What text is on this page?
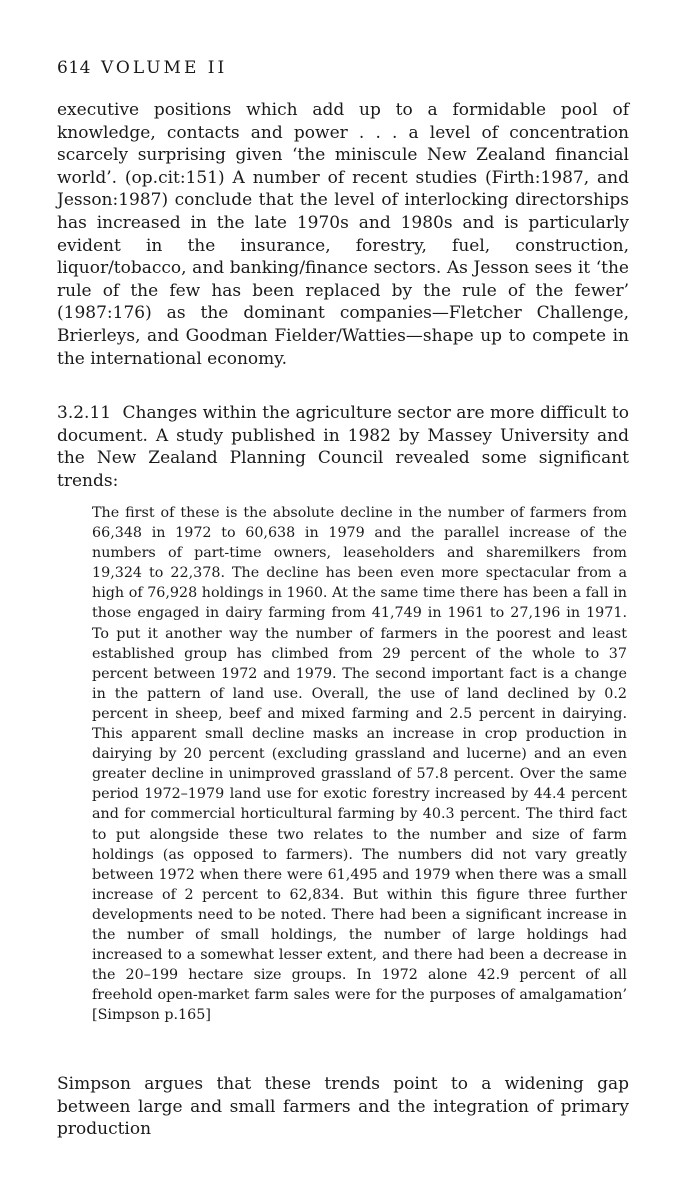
614 VOLUME II

executive positions which add up to a formidable pool of knowledge, contacts and power . . . a level of concentration scarcely surprising given ‘the miniscule New Zealand financial world’. (op.cit:151) A number of recent studies (Firth:1987, and Jesson:1987) conclude that the level of interlocking directorships has increased in the late 1970s and 1980s and is particularly evident in the insurance, forestry, fuel, construction, liquor/tobacco, and banking/finance sectors. As Jesson sees it ‘the rule of the few has been replaced by the rule of the fewer’ (1987:176) as the dominant companies—Fletcher Challenge, Brierleys, and Goodman Fielder/Watties—shape up to compete in the international economy.

3.2.11 Changes within the agriculture sector are more difficult to document. A study published in 1982 by Massey University and the New Zealand Planning Council revealed some significant trends:

The first of these is the absolute decline in the number of farmers from 66,348 in 1972 to 60,638 in 1979 and the parallel increase of the numbers of part-time owners, leaseholders and sharemilkers from 19,324 to 22,378. The decline has been even more spectacular from a high of 76,928 holdings in 1960. At the same time there has been a fall in those engaged in dairy farming from 41,749 in 1961 to 27,196 in 1971. To put it another way the number of farmers in the poorest and least established group has climbed from 29 percent of the whole to 37 percent between 1972 and 1979. The second important fact is a change in the pattern of land use. Overall, the use of land declined by 0.2 percent in sheep, beef and mixed farming and 2.5 percent in dairying. This apparent small decline masks an increase in crop production in dairying by 20 percent (excluding grassland and lucerne) and an even greater decline in unimproved grassland of 57.8 percent. Over the same period 1972–1979 land use for exotic forestry increased by 44.4 percent and for commercial horticultural farming by 40.3 percent. The third fact to put alongside these two relates to the number and size of farm holdings (as opposed to farmers). The numbers did not vary greatly between 1972 when there were 61,495 and 1979 when there was a small increase of 2 percent to 62,834. But within this figure three further developments need to be noted. There had been a significant increase in the number of small holdings, the number of large holdings had increased to a somewhat lesser extent, and there had been a decrease in the 20–199 hectare size groups. In 1972 alone 42.9 percent of all freehold open-market farm sales were for the purposes of amalgamation’ [Simpson p.165]

Simpson argues that these trends point to a widening gap between large and small farmers and the integration of primary production
